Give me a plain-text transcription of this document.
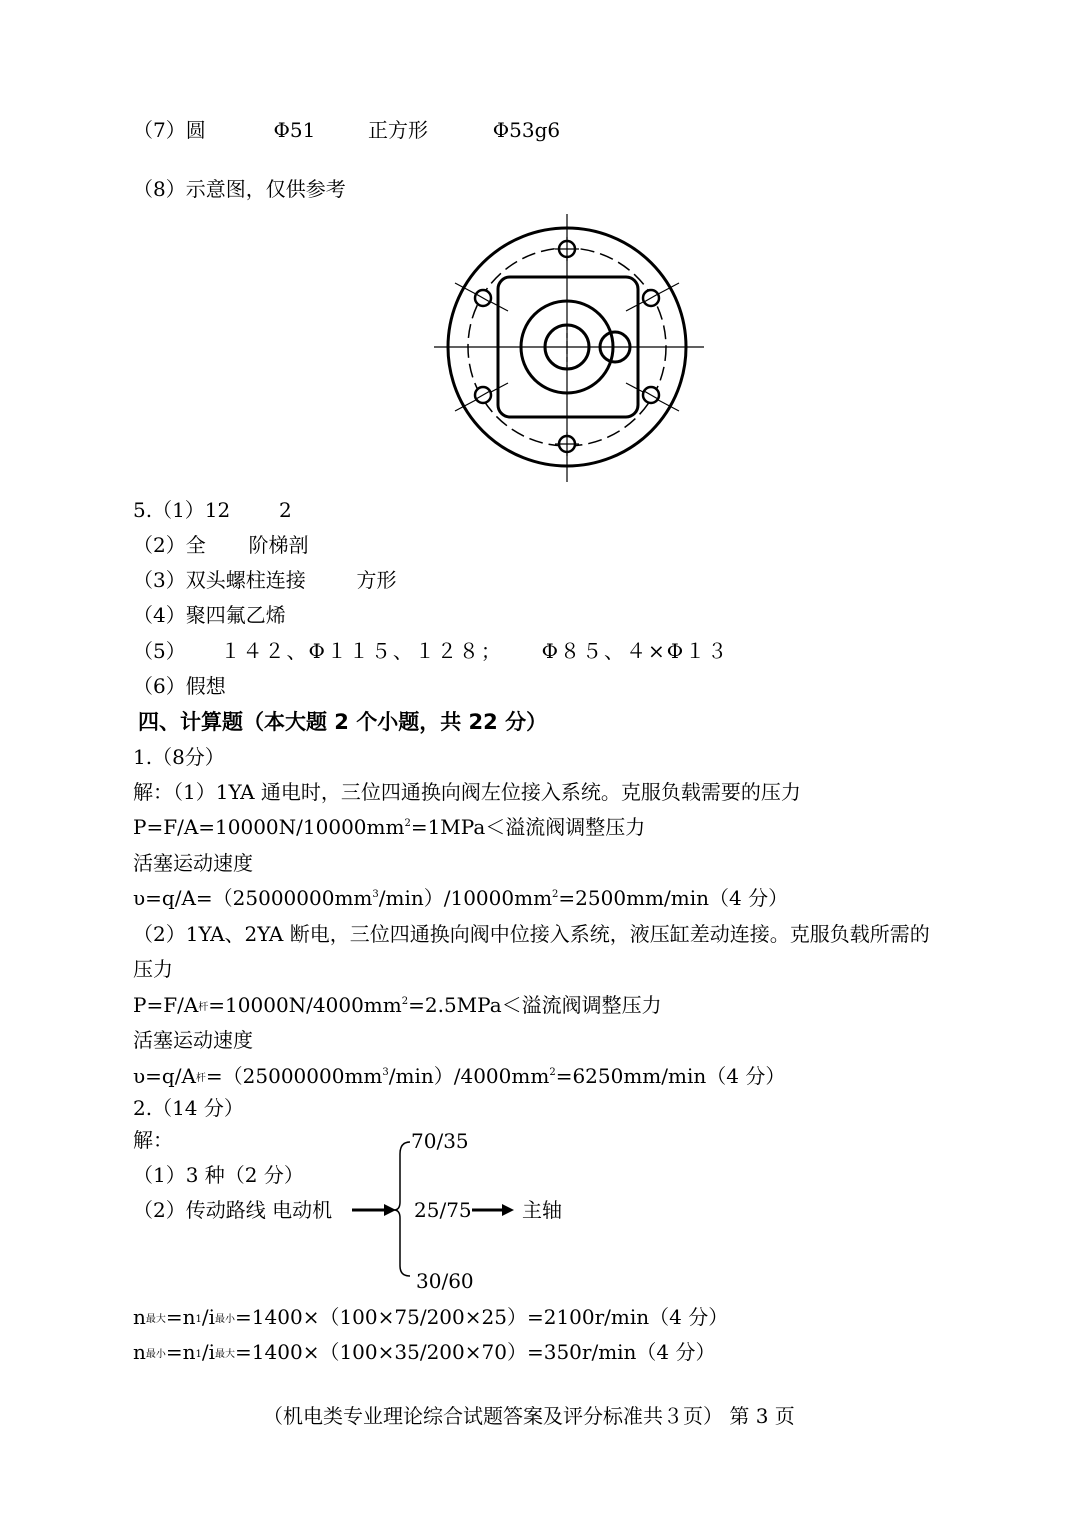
（7）圆	Φ51	正方形	Φ53g6
（8）示意图，仅供参考
5.（1）12 2
（2）全 阶梯剖
（3）双头螺柱连接	方形
（4）聚四氟乙烯
（5） １４２、Φ１１５、１２８； Φ８５、４×Φ１３
（6）假想
四、计算题（本大题 2 个小题，共 22 分）
1.（8分）
解：（1）1YA 通电时，三位四通换向阀左位接入系统。克服负载需要的压力
$P=F/A=10000N/10000mm^2=1MPa<$溢流阀调整压力
活塞运动速度
$\upsilon=q/A=(25000000mm^3/\min)/10000mm^2=2500mm/\min(4$ 分）
（2）1YA、2YA 断电，三位四通换向阀中位接入系统，液压缸差动连接。克服负载所需的
压力
$P=F/A_杆=10000N/4000mm^2=2.5MPa<$溢流阀调整压力
活塞运动速度
$\upsilon=q/A_杆=(25000000mm^3/\min)/4000mm^2=6250mm/\min(4$ 分）
2.（14 分）
解：
（1）3 种（2 分）
（2）传动路线 电动机
70/35
25/75
30/60
主轴
$n_{最大}=n_1/i_{最小}=1400\times(100\times 75/200\times 25)=2100r/\min(4$ 分）
$n_{最小}=n_1/i_{最大}=1400\times(100\times 35/200\times 70)=350r/\min(4$ 分）
（机电类专业理论综合试题答案及评分标准共３页） 第 3 页
